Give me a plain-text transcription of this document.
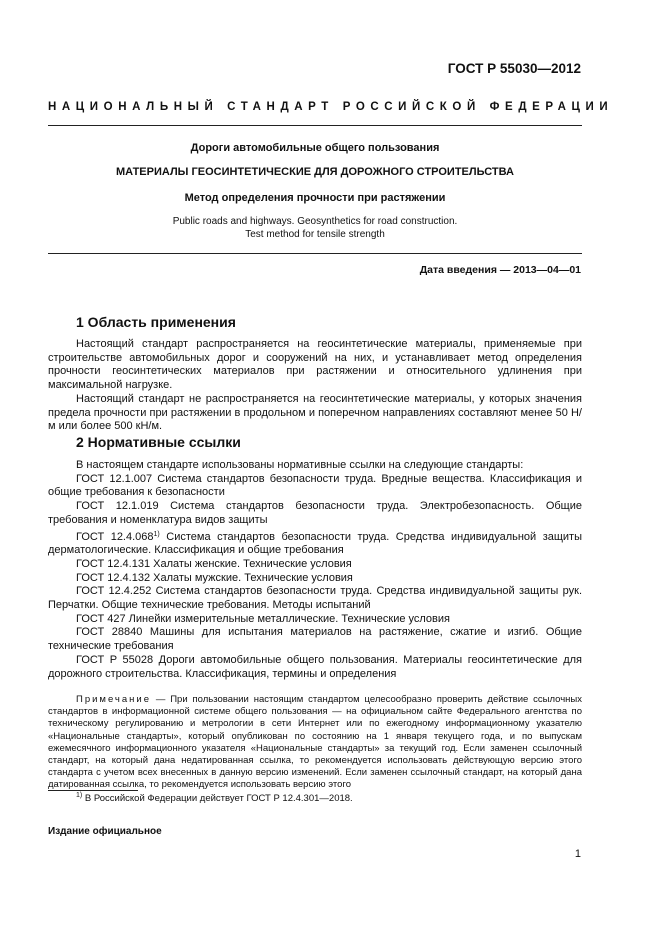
ГОСТ Р 55030—2012
НАЦИОНАЛЬНЫЙ СТАНДАРТ РОССИЙСКОЙ ФЕДЕРАЦИИ
Дороги автомобильные общего пользования
МАТЕРИАЛЫ ГЕОСИНТЕТИЧЕСКИЕ ДЛЯ ДОРОЖНОГО СТРОИТЕЛЬСТВА
Метод определения прочности при растяжении
Public roads and highways. Geosynthetics for road construction.
Test method for tensile strength
Дата введения — 2013—04—01
1 Область применения

Настоящий стандарт распространяется на геосинтетические материалы, применяемые при строительстве автомобильных дорог и сооружений на них, и устанавливает метод определения прочности геосинтетических материалов при растяжении и относительного удлинения при максимальной нагрузке.

Настоящий стандарт не распространяется на геосинтетические материалы, у которых значения предела прочности при растяжении в продольном и поперечном направлениях составляют менее 50 Н/м или более 500 кН/м.

2 Нормативные ссылки

В настоящем стандарте использованы нормативные ссылки на следующие стандарты:

ГОСТ 12.1.007 Система стандартов безопасности труда. Вредные вещества. Классификация и общие требования к безопасности

ГОСТ 12.1.019 Система стандартов безопасности труда. Электробезопасность. Общие требования и номенклатура видов защиты

ГОСТ 12.4.068$^{1)}$ Система стандартов безопасности труда. Средства индивидуальной защиты дерматологические. Классификация и общие требования

ГОСТ 12.4.131 Халаты женские. Технические условия

ГОСТ 12.4.132 Халаты мужские. Технические условия

ГОСТ 12.4.252 Система стандартов безопасности труда. Средства индивидуальной защиты рук. Перчатки. Общие технические требования. Методы испытаний

ГОСТ 427 Линейки измерительные металлические. Технические условия

ГОСТ 28840 Машины для испытания материалов на растяжение, сжатие и изгиб. Общие технические требования

ГОСТ Р 55028 Дороги автомобильные общего пользования. Материалы геосинтетические для дорожного строительства. Классификация, термины и определения

Примечание — При пользовании настоящим стандартом целесообразно проверить действие ссылочных стандартов в информационной системе общего пользования — на официальном сайте Федерального агентства по техническому регулированию и метрологии в сети Интернет или по ежегодному информационному указателю «Национальные стандарты», который опубликован по состоянию на 1 января текущего года, и по выпускам ежемесячного информационного указателя «Национальные стандарты» за текущий год. Если заменен ссылочный стандарт, на который дана недатированная ссылка, то рекомендуется использовать действующую версию этого стандарта с учетом всех внесенных в данную версию изменений. Если заменен ссылочный стандарт, на который дана датированная ссылка, то рекомендуется использовать версию этого
$^{1)}$ В Российской Федерации действует ГОСТ Р 12.4.301—2018.
Издание официальное
1
